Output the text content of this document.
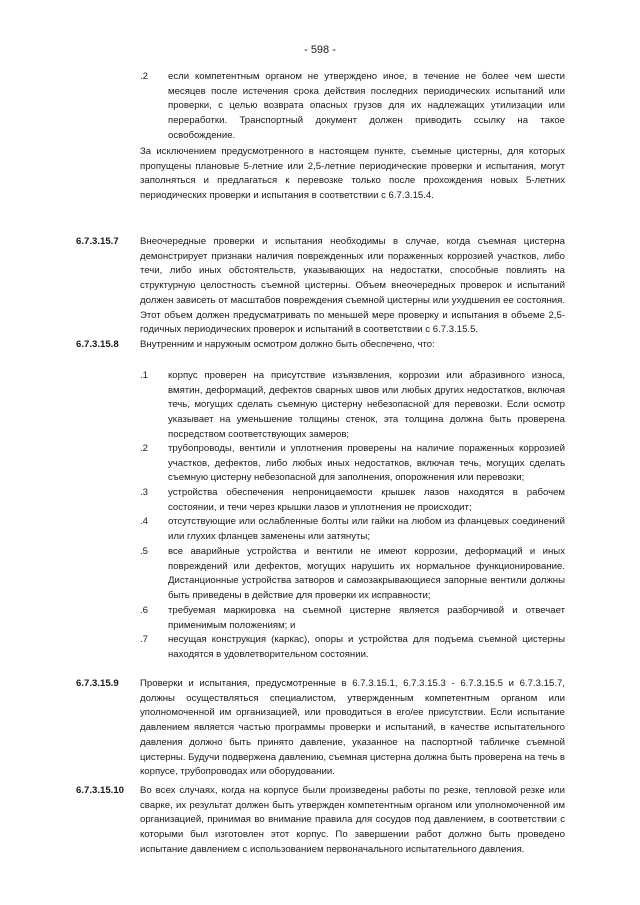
- 598 -
.2 если компетентным органом не утверждено иное, в течение не более чем шести месяцев после истечения срока действия последних периодических испытаний или проверки, с целью возврата опасных грузов для их надлежащих утилизации или переработки. Транспортный документ должен приводить ссылку на такое освобождение.
За исключением предусмотренного в настоящем пункте, съемные цистерны, для которых пропущены плановые 5-летние или 2,5-летние периодические проверки и испытания, могут заполняться и предлагаться к перевозке только после прохождения новых 5-летних периодических проверки и испытания в соответствии с 6.7.3.15.4.
6.7.3.15.7 Внеочередные проверки и испытания необходимы в случае, когда съемная цистерна демонстрирует признаки наличия поврежденных или пораженных коррозией участков, либо течи, либо иных обстоятельств, указывающих на недостатки, способные повлиять на структурную целостность съемной цистерны. Объем внеочередных проверок и испытаний должен зависеть от масштабов повреждения съемной цистерны или ухудшения ее состояния. Этот объем должен предусматривать по меньшей мере проверку и испытания в объеме 2,5-годичных периодических проверок и испытаний в соответствии с 6.7.3.15.5.
6.7.3.15.8 Внутренним и наружным осмотром должно быть обеспечено, что:
.1 корпус проверен на присутствие изъязвления, коррозии или абразивного износа, вмятин, деформаций, дефектов сварных швов или любых других недостатков, включая течь, могущих сделать съемную цистерну небезопасной для перевозки. Если осмотр указывает на уменьшение толщины стенок, эта толщина должна быть проверена посредством соответствующих замеров;
.2 трубопроводы, вентили и уплотнения проверены на наличие пораженных коррозией участков, дефектов, либо любых иных недостатков, включая течь, могущих сделать съемную цистерну небезопасной для заполнения, опорожнения или перевозки;
.3 устройства обеспечения непроницаемости крышек лазов находятся в рабочем состоянии, и течи через крышки лазов и уплотнения не происходит;
.4 отсутствующие или ослабленные болты или гайки на любом из фланцевых соединений или глухих фланцев заменены или затянуты;
.5 все аварийные устройства и вентили не имеют коррозии, деформаций и иных повреждений или дефектов, могущих нарушить их нормальное функционирование. Дистанционные устройства затворов и самозакрывающиеся запорные вентили должны быть приведены в действие для проверки их исправности;
.6 требуемая маркировка на съемной цистерне является разборчивой и отвечает применимым положениям; и
.7 несущая конструкция (каркас), опоры и устройства для подъема съемной цистерны находятся в удовлетворительном состоянии.
6.7.3.15.9 Проверки и испытания, предусмотренные в 6.7.3.15.1, 6.7.3.15.3 - 6.7.3.15.5 и 6.7.3.15.7, должны осуществляться специалистом, утвержденным компетентным органом или уполномоченной им организацией, или проводиться в его/ее присутствии. Если испытание давлением является частью программы проверки и испытаний, в качестве испытательного давления должно быть принято давление, указанное на паспортной табличке съемной цистерны. Будучи подвержена давлению, съемная цистерна должна быть проверена на течь в корпусе, трубопроводах или оборудовании.
6.7.3.15.10 Во всех случаях, когда на корпусе были произведены работы по резке, тепловой резке или сварке, их результат должен быть утвержден компетентным органом или уполномоченной им организацией, принимая во внимание правила для сосудов под давлением, в соответствии с которыми был изготовлен этот корпус. По завершении работ должно быть проведено испытание давлением с использованием первоначального испытательного давления.
